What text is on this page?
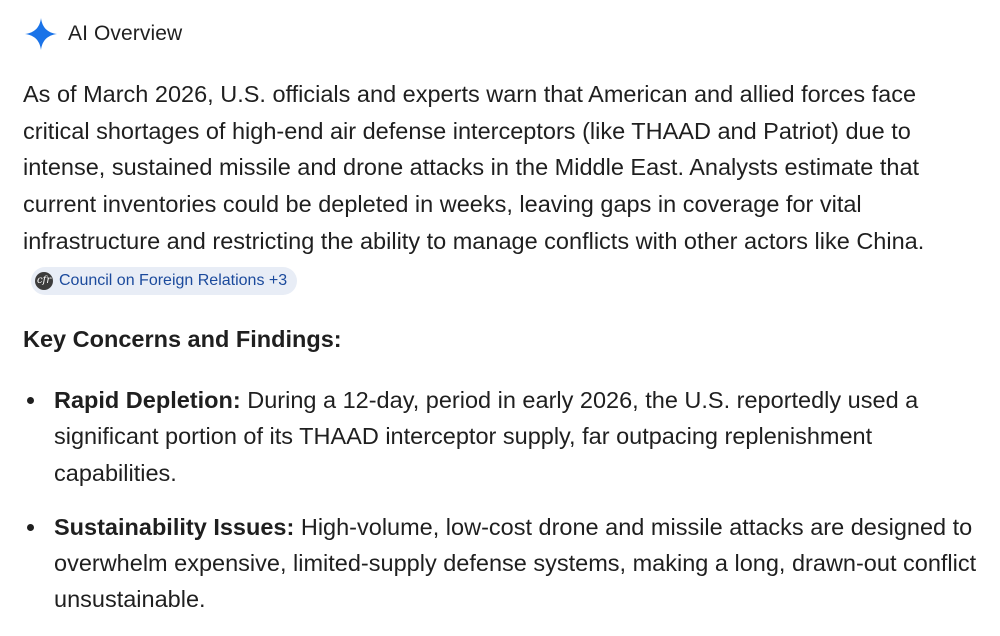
AI Overview

As of March 2026, U.S. officials and experts warn that American and allied forces face critical shortages of high-end air defense interceptors (like THAAD and Patriot) due to intense, sustained missile and drone attacks in the Middle East. Analysts estimate that current inventories could be depleted in weeks, leaving gaps in coverage for vital infrastructure and restricting the ability to manage conflicts with other actors like China.
cfr Council on Foreign Relations +3

Key Concerns and Findings:
Rapid Depletion: During a 12-day, period in early 2026, the U.S. reportedly used a significant portion of its THAAD interceptor supply, far outpacing replenishment capabilities.
Sustainability Issues: High-volume, low-cost drone and missile attacks are designed to overwhelm expensive, limited-supply defense systems, making a long, drawn-out conflict unsustainable.
